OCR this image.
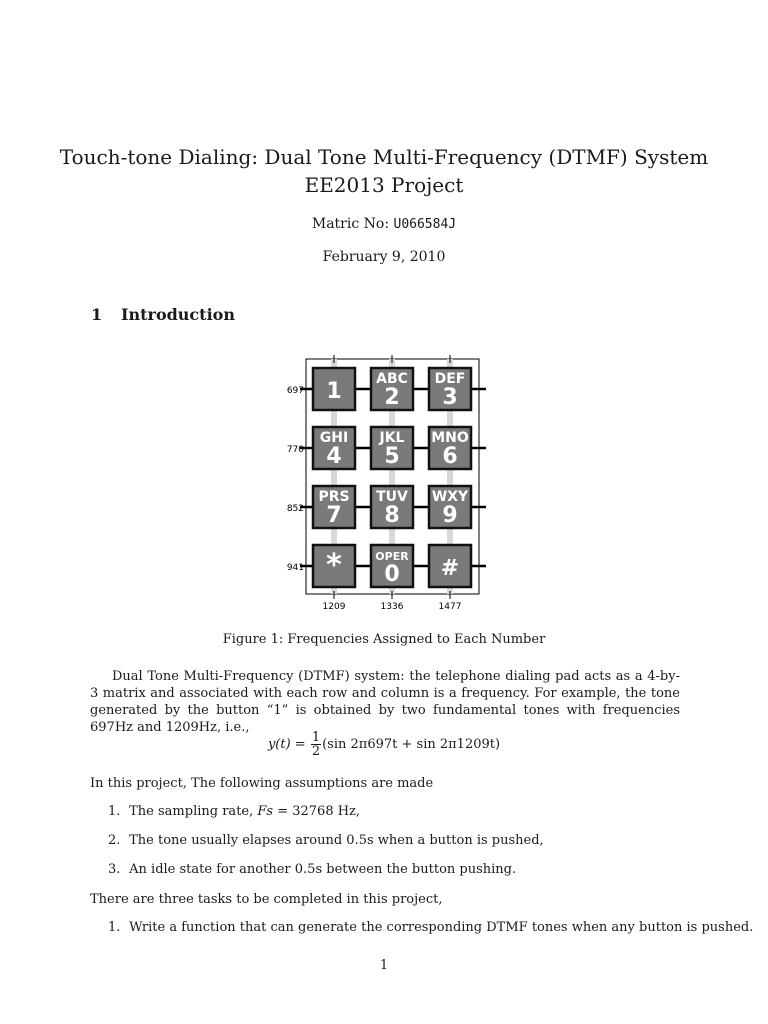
Touch-tone Dialing: Dual Tone Multi-Frequency (DTMF) System
EE2013 Project
Matric No: U066584J
February 9, 2010
1 Introduction
1 ABC
2
DEF
3
GHI
4
JKL
5
MNO
6
PRS
7
TUV
8
WXY
9
*	OPER
0 #
697
770
852
941
1209	1336	1477
Figure 1: Frequencies Assigned to Each Number
Dual Tone Multi-Frequency (DTMF) system: the telephone dialing pad acts as a 4-by-3 matrix and associated with each row and column is a frequency. For example, the tone generated by the button “1” is obtained by two fundamental tones with frequencies 697Hz and 1209Hz, i.e.,
$y(t) = \frac{1}{2} (\sin$ 2π697t + sin 2π1209t)
In this project, The following assumptions are made
1. The sampling rate, Fs = 32768 Hz,
2. The tone usually elapses around 0.5s when a button is pushed,
3. An idle state for another 0.5s between the button pushing.
There are three tasks to be completed in this project,
1. Write a function that can generate the corresponding DTMF tones when any button is pushed.
1
